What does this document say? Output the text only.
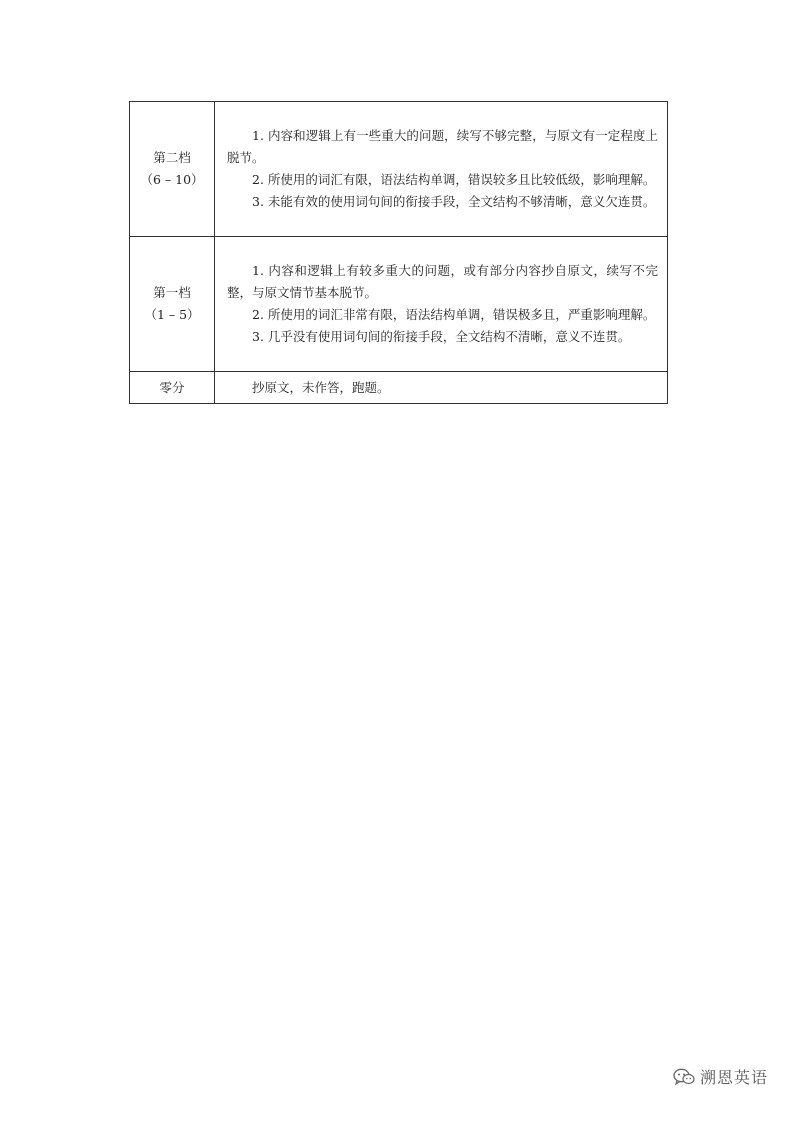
第二档
（6 – 10）	1. 内容和逻辑上有一些重大的问题，续写不够完整，与原文有一定程度上脱节。
2. 所使用的词汇有限，语法结构单调，错误较多且比较低级，影响理解。
3. 未能有效的使用词句间的衔接手段，全文结构不够清晰，意义欠连贯。

第一档
（1 – 5）	1. 内容和逻辑上有较多重大的问题，或有部分内容抄自原文，续写不完整，与原文情节基本脱节。
2. 所使用的词汇非常有限，语法结构单调，错误极多且，严重影响理解。
3. 几乎没有使用词句间的衔接手段，全文结构不清晰，意义不连贯。

零分	抄原文，未作答，跑题。
溯恩英语
